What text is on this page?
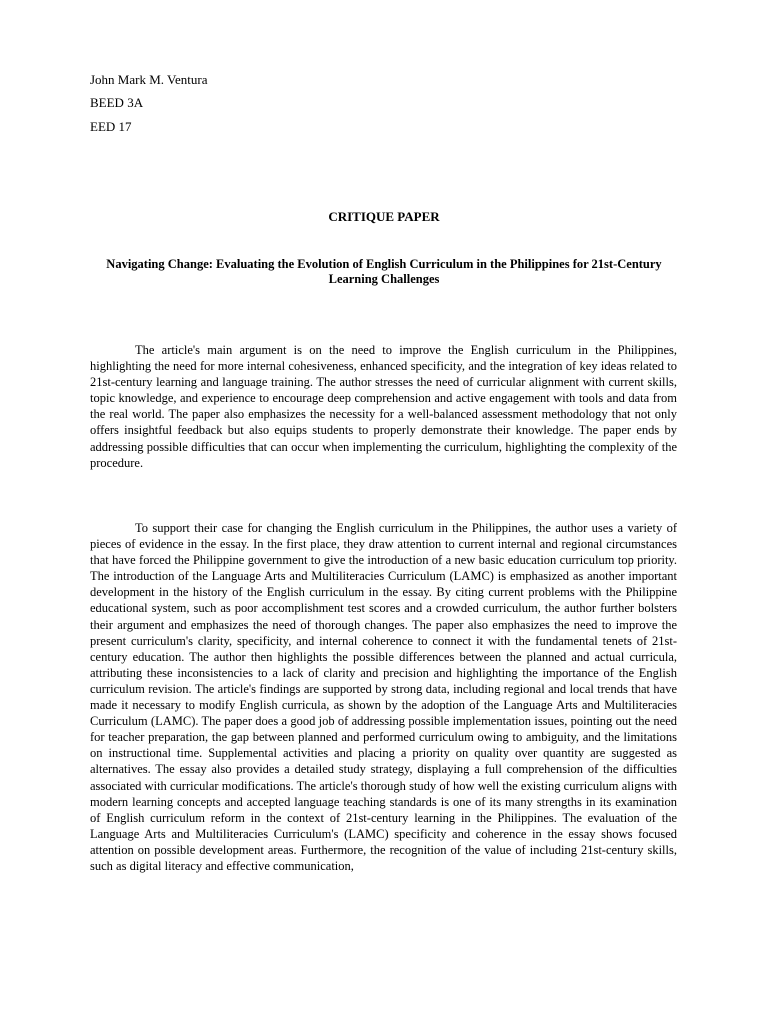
John Mark M. Ventura
BEED 3A
EED 17
CRITIQUE PAPER
Navigating Change: Evaluating the Evolution of English Curriculum in the Philippines for 21st-Century Learning Challenges

The article's main argument is on the need to improve the English curriculum in the Philippines, highlighting the need for more internal cohesiveness, enhanced specificity, and the integration of key ideas related to 21st-century learning and language training. The author stresses the need of curricular alignment with current skills, topic knowledge, and experience to encourage deep comprehension and active engagement with tools and data from the real world. The paper also emphasizes the necessity for a well-balanced assessment methodology that not only offers insightful feedback but also equips students to properly demonstrate their knowledge. The paper ends by addressing possible difficulties that can occur when implementing the curriculum, highlighting the complexity of the procedure.

To support their case for changing the English curriculum in the Philippines, the author uses a variety of pieces of evidence in the essay. In the first place, they draw attention to current internal and regional circumstances that have forced the Philippine government to give the introduction of a new basic education curriculum top priority. The introduction of the Language Arts and Multiliteracies Curriculum (LAMC) is emphasized as another important development in the history of the English curriculum in the essay. By citing current problems with the Philippine educational system, such as poor accomplishment test scores and a crowded curriculum, the author further bolsters their argument and emphasizes the need of thorough changes. The paper also emphasizes the need to improve the present curriculum's clarity, specificity, and internal coherence to connect it with the fundamental tenets of 21st-century education. The author then highlights the possible differences between the planned and actual curricula, attributing these inconsistencies to a lack of clarity and precision and highlighting the importance of the English curriculum revision. The article's findings are supported by strong data, including regional and local trends that have made it necessary to modify English curricula, as shown by the adoption of the Language Arts and Multiliteracies Curriculum (LAMC). The paper does a good job of addressing possible implementation issues, pointing out the need for teacher preparation, the gap between planned and performed curriculum owing to ambiguity, and the limitations on instructional time. Supplemental activities and placing a priority on quality over quantity are suggested as alternatives. The essay also provides a detailed study strategy, displaying a full comprehension of the difficulties associated with curricular modifications. The article's thorough study of how well the existing curriculum aligns with modern learning concepts and accepted language teaching standards is one of its many strengths in its examination of English curriculum reform in the context of 21st-century learning in the Philippines. The evaluation of the Language Arts and Multiliteracies Curriculum's (LAMC) specificity and coherence in the essay shows focused attention on possible development areas. Furthermore, the recognition of the value of including 21st-century skills, such as digital literacy and effective communication,
